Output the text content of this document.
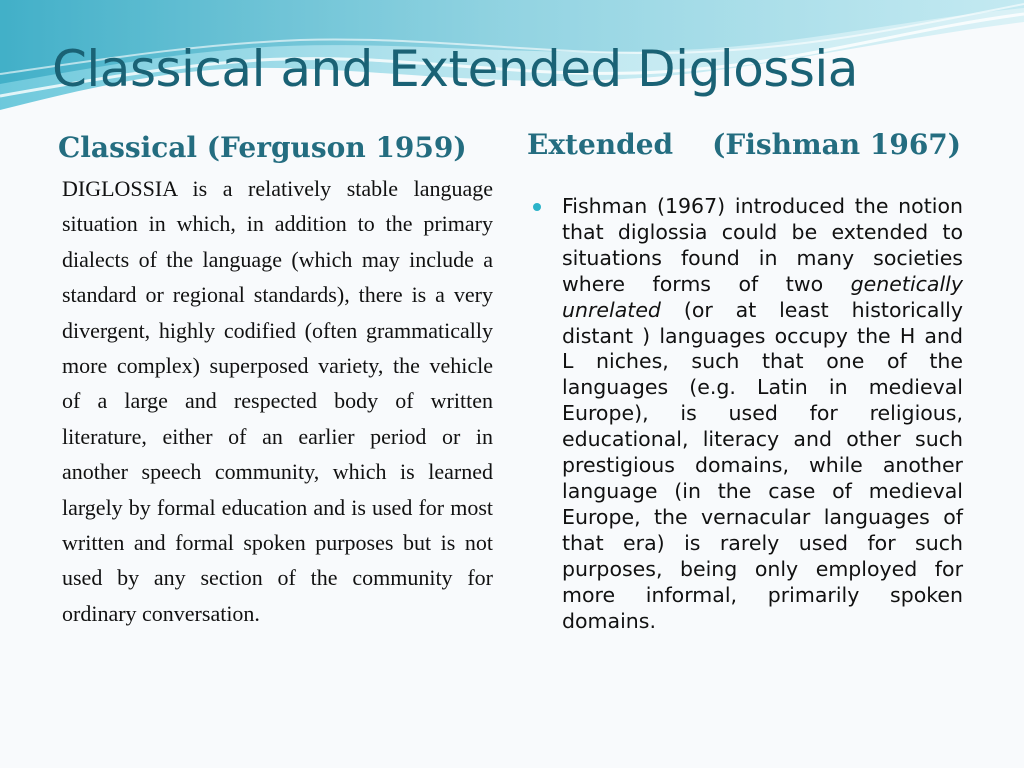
Classical and Extended Diglossia
Classical (Ferguson 1959) Extended    (Fishman 1967)

DIGLOSSIA is a relatively stable language situation in which, in addition to the primary dialects of the language (which may include a standard or regional standards), there is a very divergent, highly codified (often grammatically more complex) superposed variety, the vehicle of a large and respected body of written literature, either of an earlier period or in another speech community, which is learned largely by formal education and is used for most written and formal spoken purposes but is not used by any section of the community for ordinary conversation.

Fishman (1967) introduced the notion that diglossia could be extended to situations found in many societies where forms of two genetically unrelated (or at least historically distant ) languages occupy the H and L niches, such that one of the languages (e.g. Latin in medieval Europe), is used for religious, educational, literacy and other such prestigious domains, while another language (in the case of medieval Europe, the vernacular languages of that era) is rarely used for such purposes, being only employed for more informal, primarily spoken domains.
